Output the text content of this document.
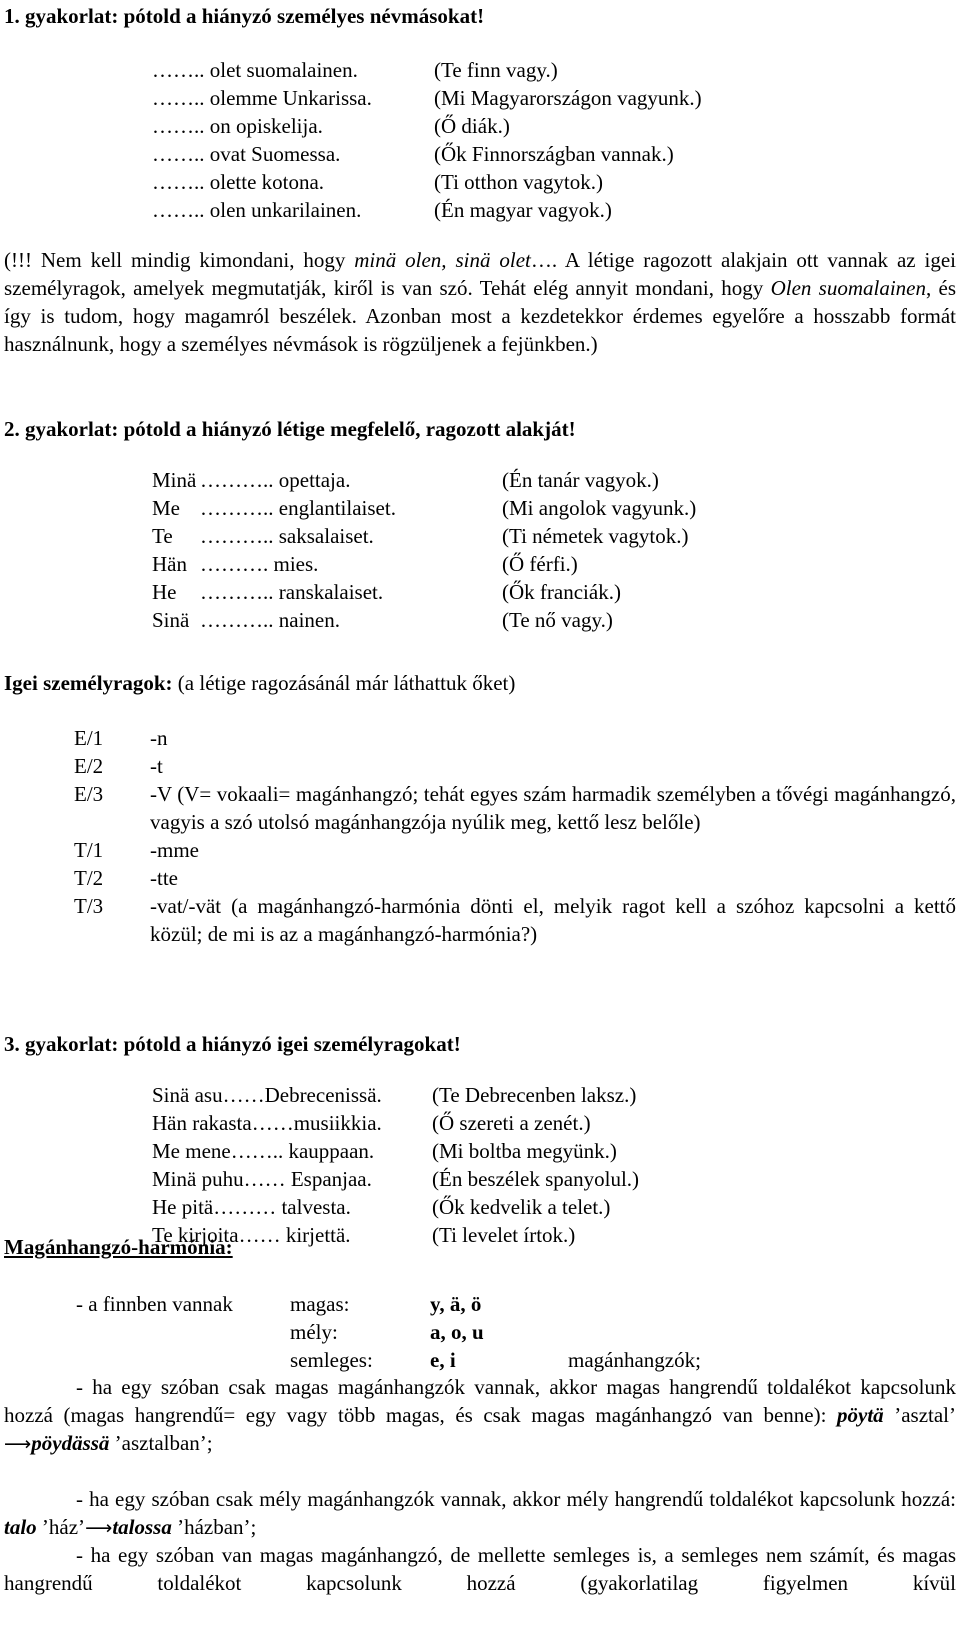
1. gyakorlat: pótold a hiányzó személyes névmásokat!
…….. olet suomalainen.	(Te finn vagy.)
…….. olemme Unkarissa.	(Mi Magyarországon vagyunk.)
…….. on opiskelija.	(Ő diák.)
…….. ovat Suomessa.	(Ők Finnországban vannak.)
…….. olette kotona.	(Ti otthon vagytok.)
…….. olen unkarilainen.	(Én magyar vagyok.)
(!!! Nem kell mindig kimondani, hogy minä olen, sinä olet…. A létige ragozott alakjain ott vannak az igei személyragok, amelyek megmutatják, kiről is van szó. Tehát elég annyit mondani, hogy Olen suomalainen, és így is tudom, hogy magamról beszélek. Azonban most a kezdetekkor érdemes egyelőre a hosszabb formát használnunk, hogy a személyes névmások is rögzüljenek a fejünkben.)
2. gyakorlat: pótold a hiányzó létige megfelelő, ragozott alakját!
Minä	……….. opettaja.	(Én tanár vagyok.)
Me	……….. englantilaiset.	(Mi angolok vagyunk.)
Te	……….. saksalaiset.	(Ti németek vagytok.)
Hän	………. mies.	(Ő férfi.)
He	……….. ranskalaiset.	(Ők franciák.)
Sinä	……….. nainen.	(Te nő vagy.)
Igei személyragok: (a létige ragozásánál már láthattuk őket)
E/1	-n
E/2	-t
E/3	-V (V= vokaali= magánhangzó; tehát egyes szám harmadik személyben a tővégi magánhangzó, vagyis a szó utolsó magánhangzója nyúlik meg, kettő lesz belőle)
T/1	-mme
T/2	-tte
T/3	-vat/-vät (a magánhangzó-harmónia dönti el, melyik ragot kell a szóhoz kapcsolni a kettő közül; de mi is az a magánhangzó-harmónia?)
3. gyakorlat: pótold a hiányzó igei személyragokat!
Sinä asu……Debrecenissä.	(Te Debrecenben laksz.)
Hän rakasta……musiikkia.	(Ő szereti a zenét.)
Me mene…….. kauppaan.	(Mi boltba megyünk.)
Minä puhu…… Espanjaa.	(Én beszélek spanyolul.)
He pitä……… talvesta.	(Ők kedvelik a telet.)
Te kirjoita…… kirjettä.	(Ti levelet írtok.)
Magánhangzó-harmónia:
- a finnben vannak	magas:	y, ä, ö	
	mély:	a, o, u	
	semleges:	e, i	magánhangzók;
- ha egy szóban csak magas magánhangzók vannak, akkor magas hangrendű toldalékot kapcsolunk hozzá (magas hangrendű= egy vagy több magas, és csak magas magánhangzó van benne): pöytä ’asztal’ ⟶pöydässä ’asztalban’;
- ha egy szóban csak mély magánhangzók vannak, akkor mély hangrendű toldalékot kapcsolunk hozzá: talo ’ház’⟶talossa ’házban’;
- ha egy szóban van magas magánhangzó, de mellette semleges is, a semleges nem számít, és magas hangrendű toldalékot kapcsolunk hozzá (gyakorlatilag figyelmen kívül
